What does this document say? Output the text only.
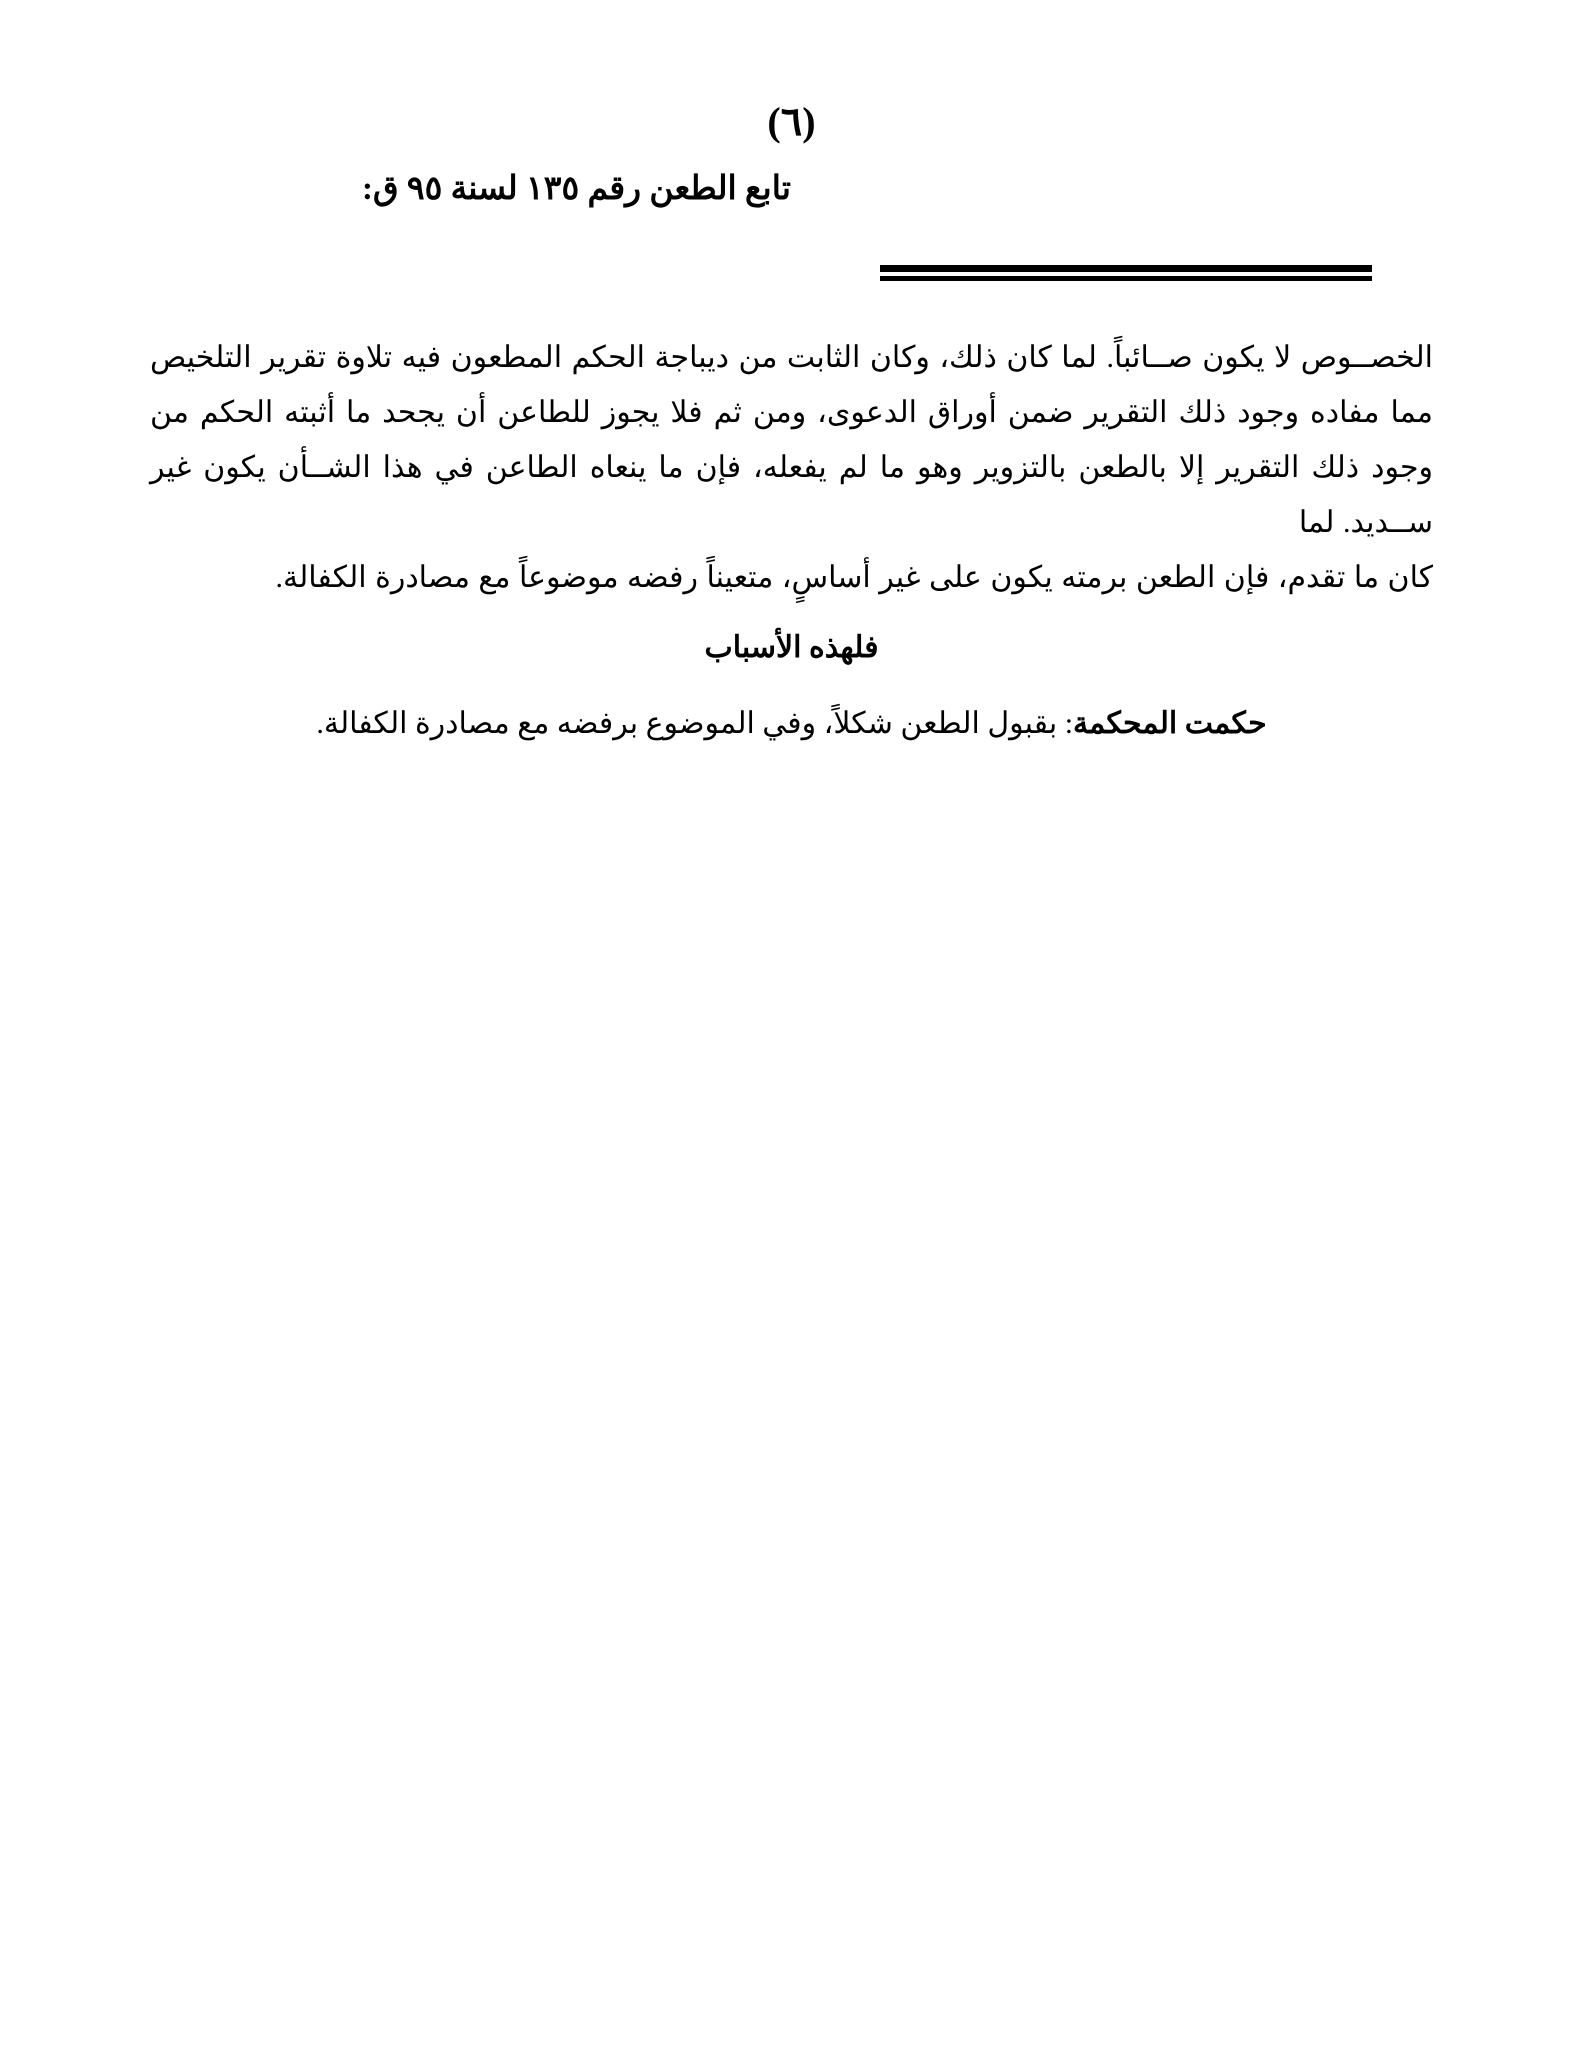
(٦)
تابع الطعن رقم ١٣٥ لسنة ٩٥ ق:

الخصــوص لا يكون صــائباً. لما كان ذلك، وكان الثابت من ديباجة الحكم المطعون فيه تلاوة تقرير التلخيص مما مفاده وجود ذلك التقرير ضمن أوراق الدعوى، ومن ثم فلا يجوز للطاعن أن يجحد ما أثبته الحكم من وجود ذلك التقرير إلا بالطعن بالتزوير وهو ما لم يفعله، فإن ما ينعاه الطاعن في هذا الشــأن يكون غير ســديد. لما
كان ما تقدم، فإن الطعن برمته يكون على غير أساسٍ، متعيناً رفضه موضوعاً مع مصادرة الكفالة.

فلهذه الأسباب

حكمت المحكمة: بقبول الطعن شكلاً، وفي الموضوع برفضه مع مصادرة الكفالة.
